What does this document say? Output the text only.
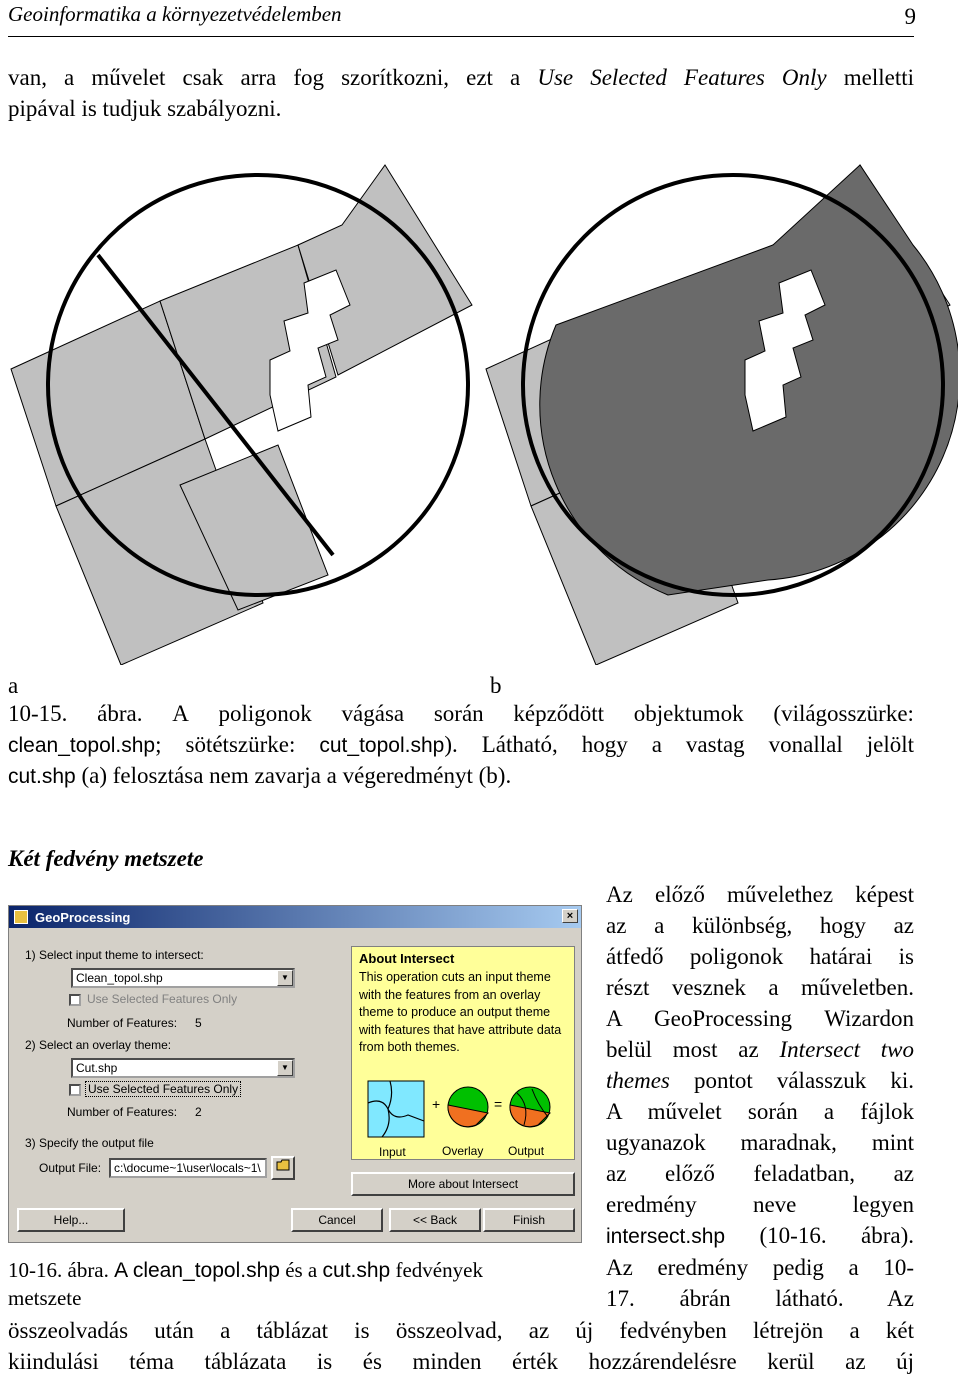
Geoinformatika a környezetvédelemben	9
van, a művelet csak arra fog szorítkozni, ezt a Use Selected Features Only melletti
pipával is tudjuk szabályozni.
a	b
10-15. ábra. A poligonok vágása során képződött objektumok (világosszürke:
clean_topol.shp; sötétszürke: cut_topol.shp). Látható, hogy a vastag vonallal jelölt
cut.shp (a) felosztása nem zavarja a végeredményt (b).
Két fedvény metszete
GeoProcessing	×
1) Select input theme to intersect:
Clean_topol.shp	▼
Use Selected Features Only
Number of Features: 5
2) Select an overlay theme:
Cut.shp	▼
Use Selected Features Only
Number of Features: 2
3) Specify the output file
Output File: c:\docume~1\user\locals~1\
About Intersect
This operation cuts an input theme with the features from an overlay theme to produce an output theme with features that have attribute data from both themes.
+	=
Input	Overlay Output
More about Intersect
Help...	Cancel	<< Back	Finish
10-16. ábra. A clean_topol.shp és a cut.shp fedvények
metszete
Az előző művelethez képest
az a különbség, hogy az
átfedő poligonok határai is
részt vesznek a műveletben.
A GeoProcessing Wizardon
belül most az Intersect two
themes pontot válasszuk ki.
A művelet során a fájlok
ugyanazok maradnak, mint
az előző feladatban, az
eredmény neve legyen
intersect.shp (10-16. ábra).
Az eredmény pedig a 10-
17. ábrán látható. Az
összeolvadás után a táblázat is összeolvad, az új fedvényben létrejön a két
kiindulási téma táblázata is és minden érték hozzárendelésre kerül az új
